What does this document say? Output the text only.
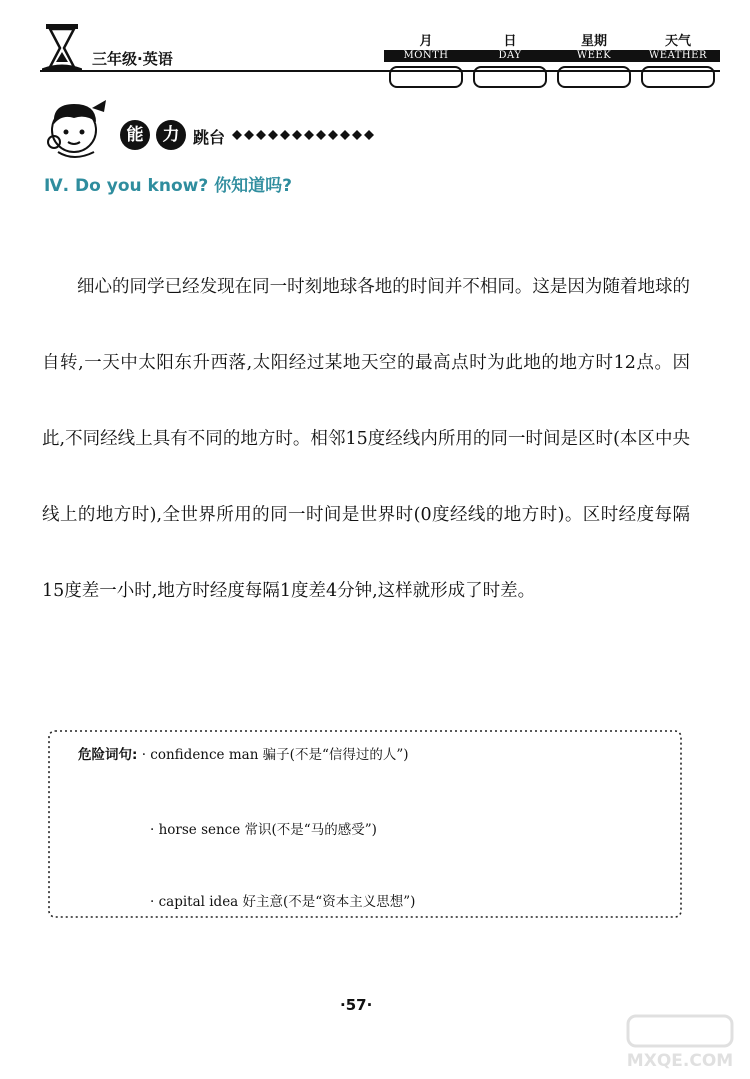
三年级·英语
月
MONTH
日
DAY
星期
WEEK
天气
WEATHER
能	力 跳台
Ⅳ. Do you know? 你知道吗?
细心的同学已经发现在同一时刻地球各地的时间并不相同。这是因为随着地球的自转,一天中太阳东升西落,太阳经过某地天空的最高点时为此地的地方时12点。因此,不同经线上具有不同的地方时。相邻15度经线内所用的同一时间是区时(本区中央线上的地方时),全世界所用的同一时间是世界时(0度经线的地方时)。区时经度每隔15度差一小时,地方时经度每隔1度差4分钟,这样就形成了时差。
危险词句: · confidence man 骗子(不是“信得过的人”)
· horse sence 常识(不是“马的感受”)
· capital idea 好主意(不是“资本主义思想”)
·57·
MXQE.COM
